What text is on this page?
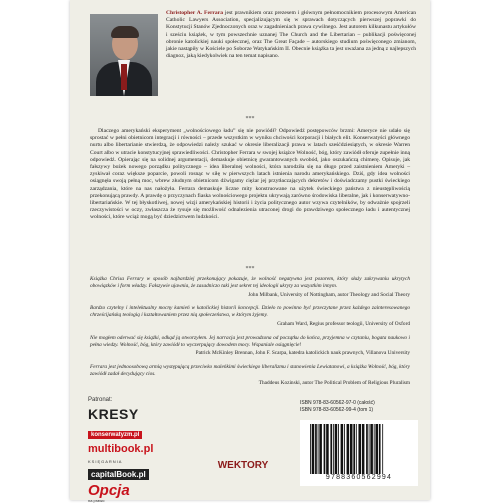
Christopher A. Ferrara jest prawnikiem oraz prezesem i głównym pełnomocnikiem procesowym American Catholic Lawyers Association, specjalizującym się w sprawach dotyczących pierwszej poprawki do Konstytucji Stanów Zjednoczonych oraz w zagadnieniach prawa cywilnego. Jest autorem kilkunastu artykułów i sześciu książek, w tym powszechnie uznanej The Church and the Libertarian – publikacji poświęconej obronie katolickiej nauki społecznej, oraz The Great Façade – autorskiego studium poświęconego zmianom, jakie nastąpiły w Kościele po Soborze Watykańskim II. Obecnie książka ta jest uważana za jedną z najlepszych diagnoz, jaką kiedykolwiek na ten temat napisano.

***

Dlaczego amerykański eksperyment „wolnościowego ładu” się nie powiódł? Odpowiedź postępowców brzmi: Ameryce nie udało się sprostać w pełni obietnicom integracji i równości – przede wszystkim w wyniku chciwości korporacji i białych elit. Konserwatyści głównego nurtu albo libertarianie stwierdzą, że odpowiedzi należy szukać w okresie liberalizacji prawa w latach sześćdziesiątych, w okresie Warren Court albo w utracie konstytucyjnej sprawiedliwości. Christopher Ferrara w swojej książce Wolność, bóg, który zawiódł oferuje zupełnie inną odpowiedź. Opierając się na solidnej argumentacji, demaskuje obietnicę gwarantowanych swobód, jako oszukańczą chimerę. Opisuje, jak fałszywy bożek nowego porządku politycznego – idea liberalnej wolności, która narodziła się na długo przed zaistnieniem Ameryki – zyskiwał coraz większe poparcie, powoli rosnąc w siłę w pierwszych latach istnienia narodu amerykańskiego. Dziś, gdy idea wolności osiągnęła swoją pełną moc, wbrew złudnym obietnicom dźwigamy ciężar jej przytłaczających dekretów i doświadczamy pustki świeckiego zarządzania, które na nas nałożyła. Ferrara demaskuje liczne mity konstruowane na użytek świeckiego państwa z nieustępliwością przekonującą prawdy. A prawdę o przyczynach fiaska wolnościowego projektu ukrywają zarówno środowiska liberalne, jak i konserwatywno-libertariańskie. W tej błyskotliwej, nowej wizji amerykańskiej historii i życia politycznego autor wzywa czytelników, by odważnie spojrzeli rzeczywistości w oczy, zwłaszcza że rysuje się możliwość odnalezienia utraconej drogi do prawdziwego społecznego ładu i autentycznej wolności, które wciąż mogą być dziedzictwem ludzkości.

***

Książka Chrisa Ferrary w sposób najbardziej przekonujący pokazuje, że wolność negatywna jest pozorem, który służy zakrywaniu ukrytych obowiązków i form władzy. Fałszywie ujawnia, że zasadniczo taki jest sekret tej ideologii ukryty za wszystkim innym.

John Milbank, University of Nottingham, autor Theology and Social Theory

Bardzo czytelny i intelektualny mocny kamień w katolickiej historii koncepcji. Dzieło to powinno być przeczytane przez każdego zainteresowanego chrześcijańską teologią i kształtowaniem przez nią społeczeństwa, w którym żyjemy.

Graham Ward, Regius professor teologii, University of Oxford

Nie mogłem oderwać się książki, odkąd ją otworzyłem. Jej narracja jest prowadzona od początku do końca, przyjemna w czytaniu, bogata naukowo i pełna wiedzy. Wolność, bóg, który zawiódł to wyczerpujący dowodem mocy. Wspaniale osiągnięcie!

Patrick McKinley Brennan, John F. Scarpa, katedra katolickich nauk prawnych, Villanova University

Ferrara jest jednoosobową armią występującą przeciwko maleńkimi świeckiego liberalizmu i stanowienia Lewiatanowi, a książka Wolność, bóg, który zawiódł zadał decydujący cios.

Thaddeus Kozinski, autor The Political Problem of Religious Pluralism

Patronat:
KRESY
konserwatyzm.pl
multibook.pl
KSIĘGARNIA
capitalBook.pl
Opcja
na prawo
WEKTORY
ISBN 978-83-60562-97-0 (całość)
ISBN 978-83-60562-99-4 (tom 1)
9788360562994
